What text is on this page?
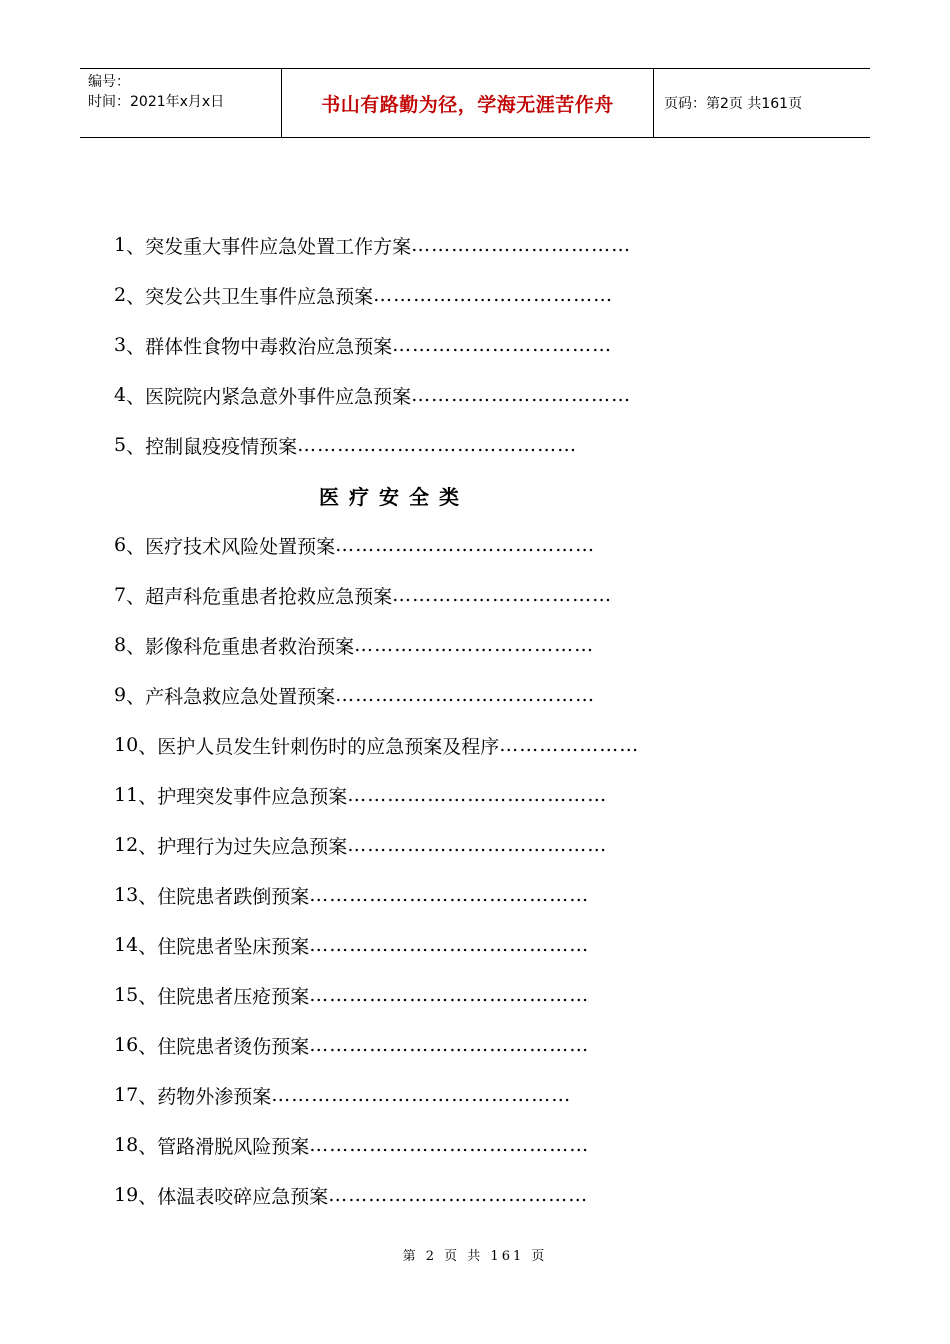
编号：
时间：2021年x月x日	书山有路勤为径，学海无涯苦作舟	页码：第2页 共161页
1 、 突发重大事件应急处置工作方案 ……………………………
2 、 突发公共卫生事件应急预案 ………………………………
3 、 群体性食物中毒救治应急预案 ……………………………
4 、 医院院内紧急意外事件应急预案 ……………………………
5 、 控制鼠疫疫情预案 ……………………………………
医疗安全类
6 、 医疗技术风险处置预案 …………………………………
7 、 超声科危重患者抢救应急预案 ……………………………
8 、 影像科危重患者救治预案 ………………………………
9 、 产科急救应急处置预案 …………………………………
10 、 医护人员发生针刺伤时的应急预案及程序 …………………
11 、 护理突发事件应急预案 …………………………………
12 、 护理行为过失应急预案 …………………………………
13 、 住院患者跌倒预案 ……………………………………
14 、 住院患者坠床预案 ……………………………………
15 、 住院患者压疮预案 ……………………………………
16 、 住院患者烫伤预案 ……………………………………
17 、 药物外渗预案 ………………………………………
18 、 管路滑脱风险预案 ……………………………………
19 、 体温表咬碎应急预案 …………………………………
第 2 页 共 161 页
